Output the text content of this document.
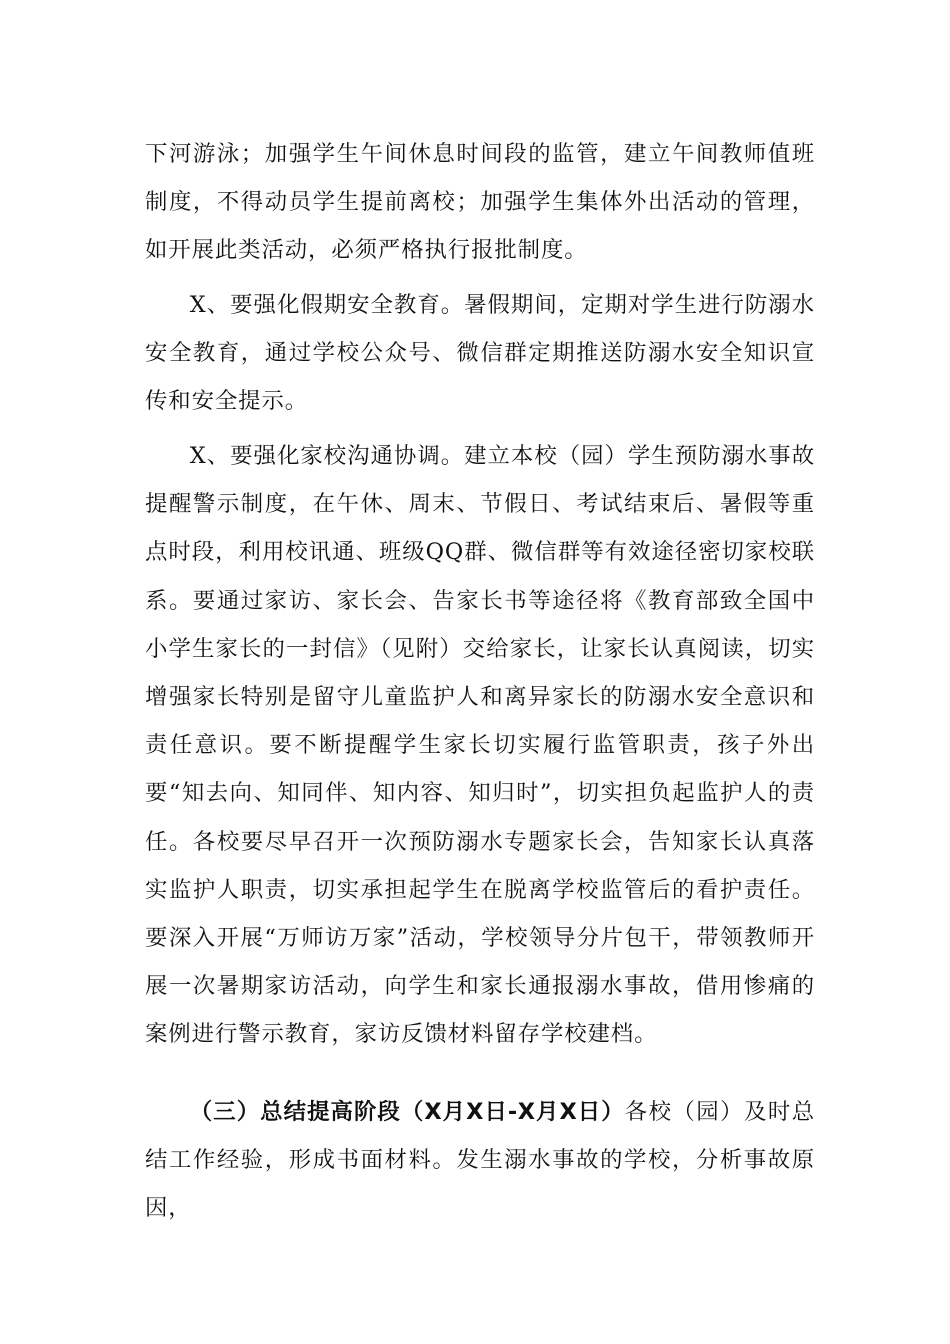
下河游泳；加强学生午间休息时间段的监管，建立午间教师值班制度，不得动员学生提前离校；加强学生集体外出活动的管理，如开展此类活动，必须严格执行报批制度。

X、要强化假期安全教育。暑假期间，定期对学生进行防溺水安全教育，通过学校公众号、微信群定期推送防溺水安全知识宣传和安全提示。

X、要强化家校沟通协调。建立本校（园）学生预防溺水事故提醒警示制度，在午休、周末、节假日、考试结束后、暑假等重点时段，利用校讯通、班级QQ群、微信群等有效途径密切家校联系。要通过家访、家长会、告家长书等途径将《教育部致全国中小学生家长的一封信》（见附）交给家长，让家长认真阅读，切实增强家长特别是留守儿童监护人和离异家长的防溺水安全意识和责任意识。要不断提醒学生家长切实履行监管职责，孩子外出要“知去向、知同伴、知内容、知归时”，切实担负起监护人的责任。各校要尽早召开一次预防溺水专题家长会，告知家长认真落实监护人职责，切实承担起学生在脱离学校监管后的看护责任。要深入开展“万师访万家”活动，学校领导分片包干，带领教师开展一次暑期家访活动，向学生和家长通报溺水事故，借用惨痛的案例进行警示教育，家访反馈材料留存学校建档。

（三）总结提高阶段（X月X日-X月X日）各校（园）及时总结工作经验，形成书面材料。发生溺水事故的学校，分析事故原因，
